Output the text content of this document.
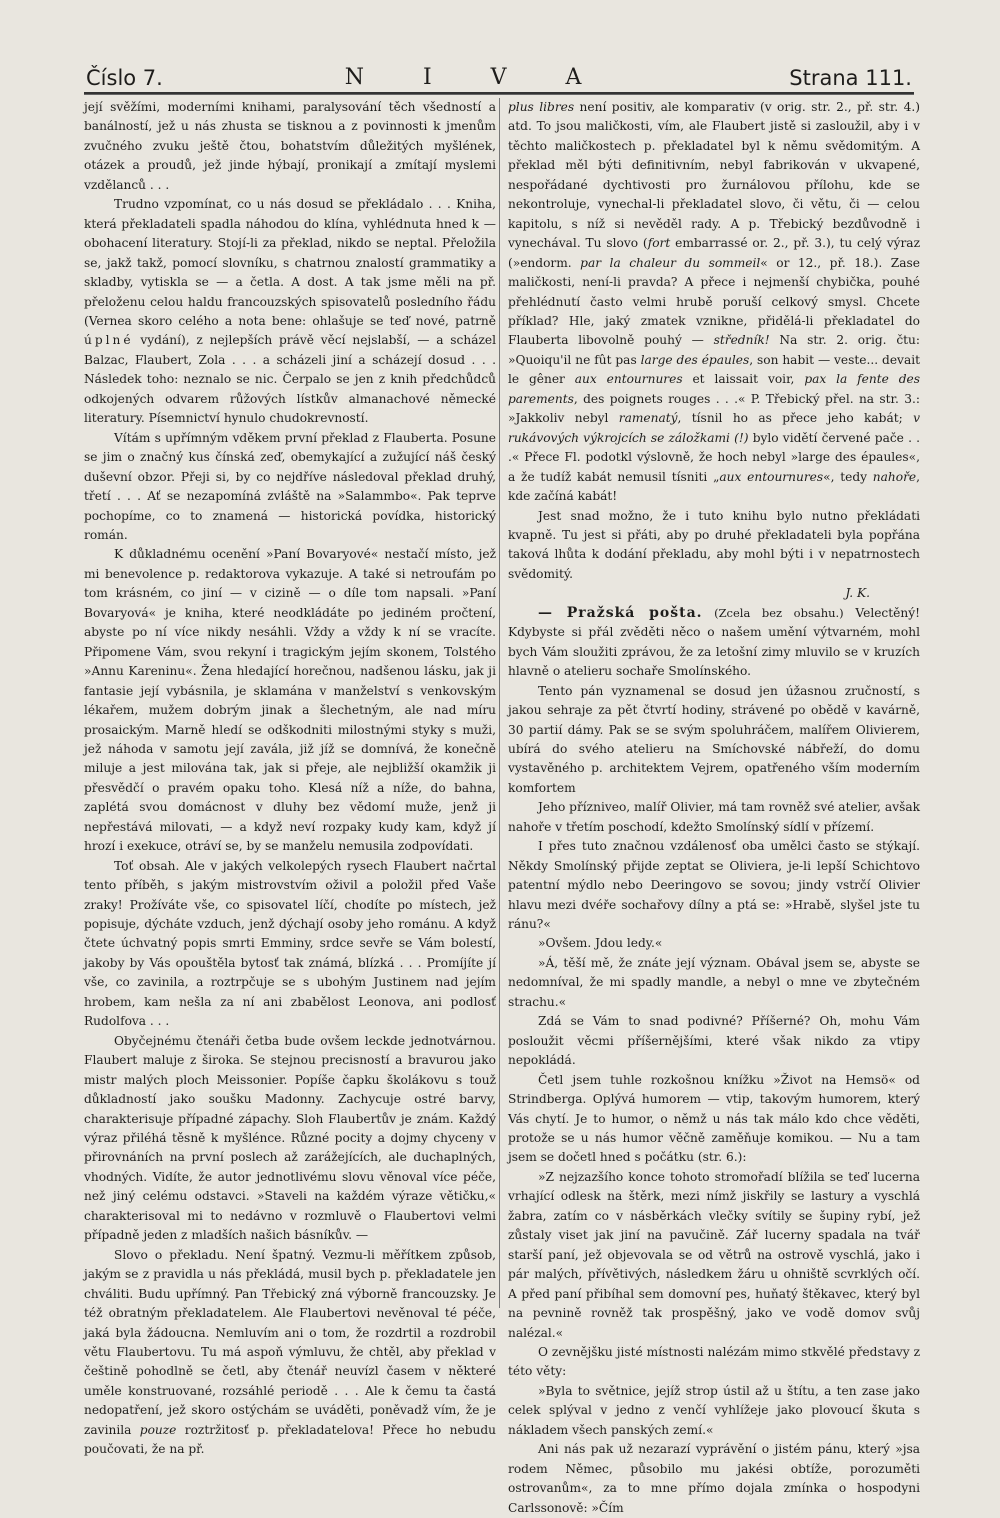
Číslo 7.	N I V A	Strana 111.

její svěžími, moderními knihami, paralysování těch všedností a banálností, jež u nás zhusta se tisknou a z povinnosti k jmenům zvučného zvuku ještě čtou, bohatstvím důležitých myšlének, otázek a proudů, jež jinde hýbají, pronikají a zmítají myslemi vzdělanců . . .

Trudno vzpomínat, co u nás dosud se překládalo . . . Kniha, která překladateli spadla náhodou do klína, vyhlédnuta hned k — obohacení literatury. Stojí-li za překlad, nikdo se neptal. Přeložila se, jakž takž, pomocí slovníku, s chatrnou znalostí grammatiky a skladby, vytiskla se — a četla. A dost. A tak jsme měli na př. přeloženu celou haldu francouzských spisovatelů posledního řádu (Vernea skoro celého a nota bene: ohlašuje se teď nové, patrně úplné vydání), z nejlepších právě věcí nejslabší, — a scházel Balzac, Flaubert, Zola . . . a scházeli jiní a scházejí dosud . . . Následek toho: neznalo se nic. Čerpalo se jen z knih předchůdců odkojených odvarem růžových lístkův almanachové německé literatury. Písemnictví hynulo chudokrevností.

Vítám s upřímným vděkem první překlad z Flauberta. Posune se jim o značný kus čínská zeď, obemykající a zužující náš český duševní obzor. Přeji si, by co nejdříve následoval překlad druhý, třetí . . . Ať se nezapomíná zvláště na »Salammbo«. Pak teprve pochopíme, co to znamená — historická povídka, historický román.

K důkladnému ocenění »Paní Bovaryové« nestačí místo, jež mi benevolence p. redaktorova vykazuje. A také si netroufám po tom krásném, co jiní — v cizině — o díle tom napsali. »Paní Bovaryová« je kniha, které neodkládáte po jediném pročtení, abyste po ní více nikdy nesáhli. Vždy a vždy k ní se vracíte. Připomene Vám, svou rekyní i tragickým jejím skonem, Tolstého »Annu Kareninu«. Žena hledající horečnou, nadšenou lásku, jak ji fantasie její vybásnila, je sklamána v manželství s venkovským lékařem, mužem dobrým jinak a šlechetným, ale nad míru prosaickým. Marně hledí se odškodniti milostnými styky s muži, jež náhoda v samotu její zavála, již jíž se domnívá, že konečně miluje a jest milována tak, jak si přeje, ale nejbližší okamžik ji přesvědčí o pravém opaku toho. Klesá níž a níže, do bahna, zaplétá svou domácnost v dluhy bez vědomí muže, jenž ji nepřestává milovati, — a když neví rozpaky kudy kam, když jí hrozí i exekuce, otráví se, by se manželu nemusila zodpovídati.

Toť obsah. Ale v jakých velkolepých rysech Flaubert načrtal tento příběh, s jakým mistrovstvím oživil a položil před Vaše zraky! Prožíváte vše, co spisovatel líčí, chodíte po místech, jež popisuje, dýcháte vzduch, jenž dýchají osoby jeho románu. A když čtete úchvatný popis smrti Emminy, srdce sevře se Vám bolestí, jakoby by Vás opouštěla bytosť tak známá, blízká . . . Promíjíte jí vše, co zavinila, a roztrpčuje se s ubohým Justinem nad jejím hrobem, kam nešla za ní ani zbabělost Leonova, ani podlosť Rudolfova . . .

Obyčejnému čtenáři četba bude ovšem leckde jednotvárnou. Flaubert maluje z široka. Se stejnou precisností a bravurou jako mistr malých ploch Meissonier. Popíše čapku školákovu s touž důkladností jako soušku Madonny. Zachycuje ostré barvy, charakterisuje případné zápachy. Sloh Flaubertův je znám. Každý výraz přiléhá těsně k myšlénce. Různé pocity a dojmy chyceny v přirovnáních na první poslech až zarážejících, ale duchaplných, vhodných. Vidíte, že autor jednotlivému slovu věnoval více péče, než jiný celému odstavci. »Staveli na každém výraze větičku,« charakterisoval mi to nedávno v rozmluvě o Flaubertovi velmi případně jeden z mladších našich básníkův. —

Slovo o překladu. Není špatný. Vezmu-li měřítkem způsob, jakým se z pravidla u nás překládá, musil bych p. překladatele jen chváliti. Budu upřímný. Pan Třebický zná výborně francouzsky. Je též obratným překladatelem. Ale Flaubertovi nevěnoval té péče, jaká byla žádoucna. Nemluvím ani o tom, že rozdrtil a rozdrobil větu Flaubertovu. Tu má aspoň výmluvu, že chtěl, aby překlad v češtině pohodlně se četl, aby čtenář neuvízl časem v některé uměle konstruované, rozsáhlé periodě . . . Ale k čemu ta častá nedopatření, jež skoro ostýchám se uváděti, poněvadž vím, že je zavinila pouze roztržitosť p. překladatelova! Přece ho nebudu poučovati, že na př.

plus libres není positiv, ale komparativ (v orig. str. 2., př. str. 4.) atd. To jsou maličkosti, vím, ale Flaubert jistě si zasloužil, aby i v těchto maličkostech p. překladatel byl k němu svědomitým. A překlad měl býti definitivním, nebyl fabrikován v ukvapené, nespořádané dychtivosti pro žurnálovou přílohu, kde se nekontroluje, vynechal-li překladatel slovo, či větu, či — celou kapitolu, s níž si nevěděl rady. A p. Třebický bezdůvodně i vynechával. Tu slovo (fort embarrassé or. 2., př. 3.), tu celý výraz (»endorm. par la chaleur du sommeil« or 12., př. 18.). Zase maličkosti, není-li pravda? A přece i nejmenší chybička, pouhé přehlédnutí často velmi hrubě poruší celkový smysl. Chcete příklad? Hle, jaký zmatek vznikne, přidělá-li překladatel do Flauberta libovolně pouhý — středník! Na str. 2. orig. čtu: »Quoiqu'il ne fût pas large des épaules, son habit — veste... devait le gêner aux entournures et laissait voir, pax la fente des parements, des poignets rouges . . .« P. Třebický přel. na str. 3.: »Jakkoliv nebyl ramenatý, tísnil ho as přece jeho kabát; v rukávových výkrojcích se záložkami (!) bylo vidětí červené pače . . .« Přece Fl. podotkl výslovně, že hoch nebyl »large des épaules«, a že tudíž kabát nemusil tísniti „aux entournures«, tedy nahoře, kde začíná kabát!

Jest snad možno, že i tuto knihu bylo nutno překládati kvapně. Tu jest si přáti, aby po druhé překladateli byla popřána taková lhůta k dodání překladu, aby mohl býti i v nepatrnostech svědomitý.

J. K.

— Pražská pošta. (Zcela bez obsahu.) Velectěný! Kdybyste si přál zvěděti něco o našem umění výtvarném, mohl bych Vám sloužiti zprávou, že za letošní zimy mluvilo se v kruzích hlavně o atelieru sochaře Smolínského.

Tento pán vyznamenal se dosud jen úžasnou zručností, s jakou sehraje za pět čtvrtí hodiny, strávené po obědě v kavárně, 30 partií dámy. Pak se se svým spoluhráčem, malířem Olivierem, ubírá do svého atelieru na Smíchovské nábřeží, do domu vystavěného p. architektem Vejrem, opatřeného vším moderním komfortem

Jeho přízniveo, malíř Olivier, má tam rovněž své atelier, avšak nahoře v třetím poschodí, kdežto Smolínský sídlí v přízemí.

I přes tuto značnou vzdálenosť oba umělci často se stýkají. Někdy Smolínský přijde zeptat se Oliviera, je-li lepší Schichtovo patentní mýdlo nebo Deeringovo se sovou; jindy vstrčí Olivier hlavu mezi dvéře sochařovy dílny a ptá se: »Hrabě, slyšel jste tu ránu?«

»Ovšem. Jdou ledy.«

»Á, těší mě, že znáte její význam. Obával jsem se, abyste se nedomníval, že mi spadly mandle, a nebyl o mne ve zbytečném strachu.«

Zdá se Vám to snad podivné? Příšerné? Oh, mohu Vám posloužit věcmi příšernějšími, které však nikdo za vtipy nepokládá.

Četl jsem tuhle rozkošnou knížku »Život na Hemsö« od Strindberga. Oplývá humorem — vtip, takovým humorem, který Vás chytí. Je to humor, o němž u nás tak málo kdo chce věděti, protože se u nás humor věčně zaměňuje komikou. — Nu a tam jsem se dočetl hned s počátku (str. 6.):

»Z nejzazšího konce tohoto stromořadí blížila se teď lucerna vrhající odlesk na štěrk, mezi nímž jiskřily se lastury a vyschlá žabra, zatím co v násběrkách vlečky svítily se šupiny rybí, jež zůstaly viset jak jiní na pavučině. Zář lucerny spadala na tvář starší paní, jež objevovala se od větrů na ostrově vyschlá, jako i pár malých, přívětivých, následkem žáru u ohniště scvrklých očí. A před paní přibíhal sem domovní pes, huňatý štěkavec, který byl na pevnině rovněž tak prospěšný, jako ve vodě domov svůj nalézal.«

O zevnějšku jisté místnosti nalézám mimo stkvělé představy z této věty:

»Byla to světnice, jejíž strop ústil až u štítu, a ten zase jako celek splýval v jedno z venčí vyhlížeje jako plovoucí škuta s nákladem všech panských zemí.«

Ani nás pak už nezarazí vyprávění o jistém pánu, který »jsa rodem Němec, působilo mu jakési obtíže, porozuměti ostrovanům«, za to mne přímo dojala zmínka o hospodyni Carlssonově: »Čím
